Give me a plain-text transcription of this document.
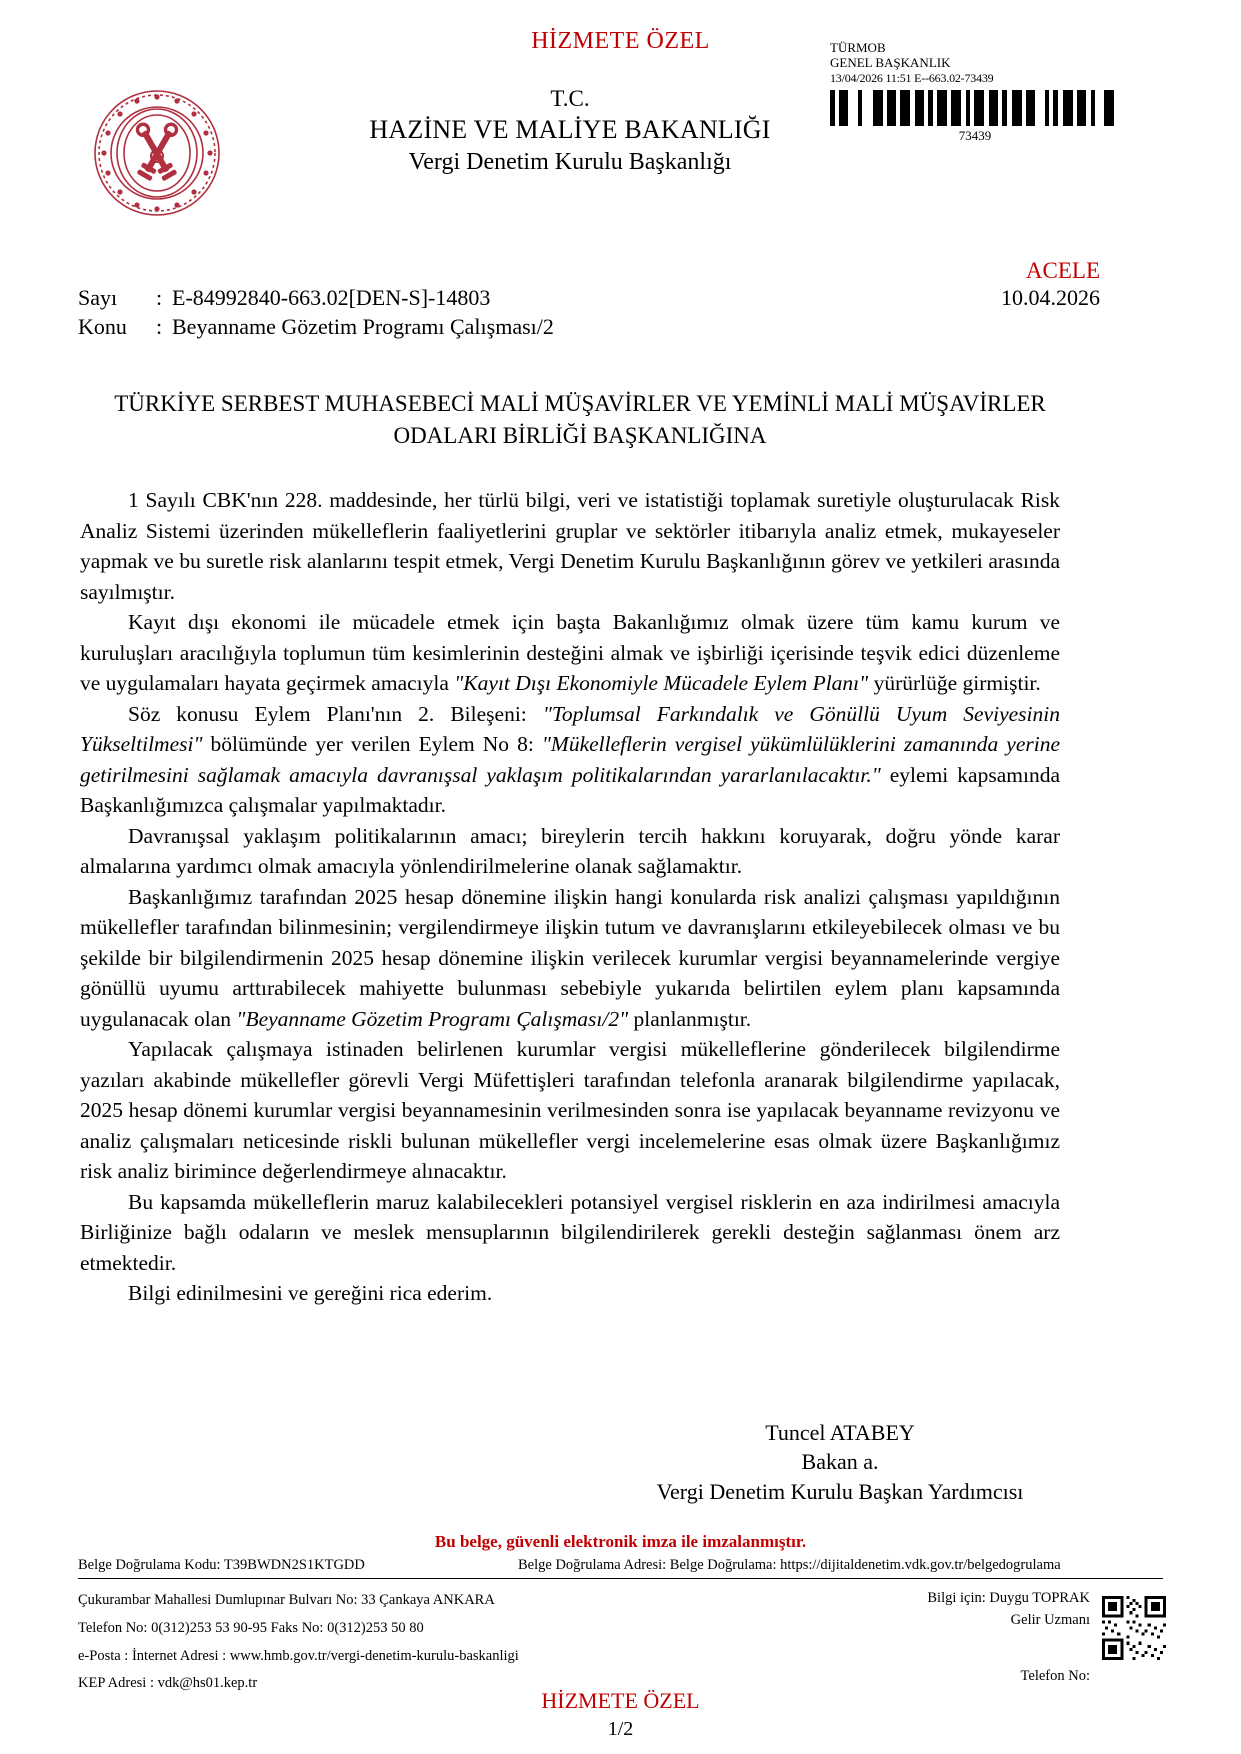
HİZMETE ÖZEL	TÜRMOB
GENEL BAŞKANLIK
13/04/2026 11:51 E--663.02-73439
73439
T.C.
HAZİNE VE MALİYE BAKANLIĞI
Vergi Denetim Kurulu Başkanlığı
ACELE
10.04.2026
Sayı	: E-84992840-663.02[DEN-S]-14803
Konu	: Beyanname Gözetim Programı Çalışması/2
TÜRKİYE SERBEST MUHASEBECİ MALİ MÜŞAVİRLER VE YEMİNLİ MALİ MÜŞAVİRLER
ODALARI BİRLİĞİ BAŞKANLIĞINA

1 Sayılı CBK'nın 228. maddesinde, her türlü bilgi, veri ve istatistiği toplamak suretiyle oluşturulacak Risk Analiz Sistemi üzerinden mükelleflerin faaliyetlerini gruplar ve sektörler itibarıyla analiz etmek, mukayeseler yapmak ve bu suretle risk alanlarını tespit etmek, Vergi Denetim Kurulu Başkanlığının görev ve yetkileri arasında sayılmıştır.

Kayıt dışı ekonomi ile mücadele etmek için başta Bakanlığımız olmak üzere tüm kamu kurum ve kuruluşları aracılığıyla toplumun tüm kesimlerinin desteğini almak ve işbirliği içerisinde teşvik edici düzenleme ve uygulamaları hayata geçirmek amacıyla "Kayıt Dışı Ekonomiyle Mücadele Eylem Planı" yürürlüğe girmiştir.

Söz konusu Eylem Planı'nın 2. Bileşeni: "Toplumsal Farkındalık ve Gönüllü Uyum Seviyesinin Yükseltilmesi" bölümünde yer verilen Eylem No 8: "Mükelleflerin vergisel yükümlülüklerini zamanında yerine getirilmesini sağlamak amacıyla davranışsal yaklaşım politikalarından yararlanılacaktır." eylemi kapsamında Başkanlığımızca çalışmalar yapılmaktadır.

Davranışsal yaklaşım politikalarının amacı; bireylerin tercih hakkını koruyarak, doğru yönde karar almalarına yardımcı olmak amacıyla yönlendirilmelerine olanak sağlamaktır.

Başkanlığımız tarafından 2025 hesap dönemine ilişkin hangi konularda risk analizi çalışması yapıldığının mükellefler tarafından bilinmesinin; vergilendirmeye ilişkin tutum ve davranışlarını etkileyebilecek olması ve bu şekilde bir bilgilendirmenin 2025 hesap dönemine ilişkin verilecek kurumlar vergisi beyannamelerinde vergiye gönüllü uyumu arttırabilecek mahiyette bulunması sebebiyle yukarıda belirtilen eylem planı kapsamında uygulanacak olan "Beyanname Gözetim Programı Çalışması/2" planlanmıştır.

Yapılacak çalışmaya istinaden belirlenen kurumlar vergisi mükelleflerine gönderilecek bilgilendirme yazıları akabinde mükellefler görevli Vergi Müfettişleri tarafından telefonla aranarak bilgilendirme yapılacak, 2025 hesap dönemi kurumlar vergisi beyannamesinin verilmesinden sonra ise yapılacak beyanname revizyonu ve analiz çalışmaları neticesinde riskli bulunan mükellefler vergi incelemelerine esas olmak üzere Başkanlığımız risk analiz birimince değerlendirmeye alınacaktır.

Bu kapsamda mükelleflerin maruz kalabilecekleri potansiyel vergisel risklerin en aza indirilmesi amacıyla Birliğinize bağlı odaların ve meslek mensuplarının bilgilendirilerek gerekli desteğin sağlanması önem arz etmektedir.

Bilgi edinilmesini ve gereğini rica ederim.

Tuncel ATABEY
Bakan a.
Vergi Denetim Kurulu Başkan Yardımcısı
Bu belge, güvenli elektronik imza ile imzalanmıştır.
Belge Doğrulama Kodu: T39BWDN2S1KTGDD	Belge Doğrulama Adresi: Belge Doğrulama: https://dijitaldenetim.vdk.gov.tr/belgedogrulama
Çukurambar Mahallesi Dumlupınar Bulvarı No: 33 Çankaya ANKARA
Telefon No: 0(312)253 53 90-95 Faks No: 0(312)253 50 80
e-Posta : İnternet Adresi : www.hmb.gov.tr/vergi-denetim-kurulu-baskanligi
KEP Adresi : vdk@hs01.kep.tr
Bilgi için: Duygu TOPRAK
Gelir Uzmanı
Telefon No:
HİZMETE ÖZEL
1/2
